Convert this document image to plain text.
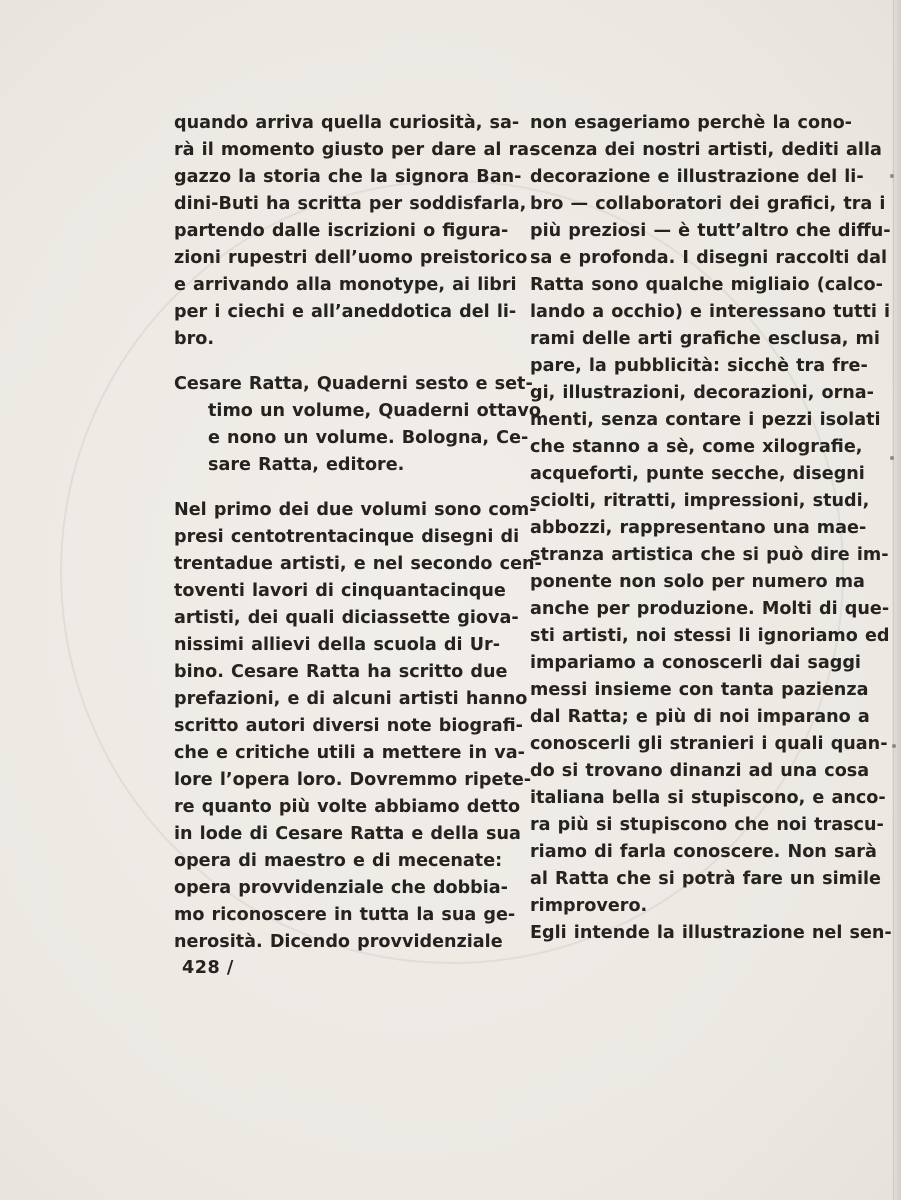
quando arriva quella curiosità, sa-
rà il momento giusto per dare al ra-
gazzo la storia che la signora Ban-
dini-Buti ha scritta per soddisfarla,
partendo dalle iscrizioni o figura-
zioni rupestri dell’uomo preistorico
e arrivando alla monotype, ai libri
per i ciechi e all’aneddotica del li-
bro.
Cesare Ratta, Quaderni sesto e set-
timo un volume, Quaderni ottavo
e nono un volume. Bologna, Ce-
sare Ratta, editore.
Nel primo dei due volumi sono com-
presi centotrentacinque disegni di
trentadue artisti, e nel secondo cen-
toventi lavori di cinquantacinque
artisti, dei quali diciassette giova-
nissimi allievi della scuola di Ur-
bino. Cesare Ratta ha scritto due
prefazioni, e di alcuni artisti hanno
scritto autori diversi note biografi-
che e critiche utili a mettere in va-
lore l’opera loro. Dovremmo ripete-
re quanto più volte abbiamo detto
in lode di Cesare Ratta e della sua
opera di maestro e di mecenate:
opera provvidenziale che dobbia-
mo riconoscere in tutta la sua ge-
nerosità. Dicendo provvidenziale
non esageriamo perchè la cono-
scenza dei nostri artisti, dediti alla
decorazione e illustrazione del li-
bro — collaboratori dei grafici, tra i
più preziosi — è tutt’altro che diffu-
sa e profonda. I disegni raccolti dal
Ratta sono qualche migliaio (calco-
lando a occhio) e interessano tutti i
rami delle arti grafiche esclusa, mi
pare, la pubblicità: sicchè tra fre-
gi, illustrazioni, decorazioni, orna-
menti, senza contare i pezzi isolati
che stanno a sè, come xilografie,
acqueforti, punte secche, disegni
sciolti, ritratti, impressioni, studi,
abbozzi, rappresentano una mae-
stranza artistica che si può dire im-
ponente non solo per numero ma
anche per produzione. Molti di que-
sti artisti, noi stessi li ignoriamo ed
impariamo a conoscerli dai saggi
messi insieme con tanta pazienza
dal Ratta; e più di noi imparano a
conoscerli gli stranieri i quali quan-
do si trovano dinanzi ad una cosa
italiana bella si stupiscono, e anco-
ra più si stupiscono che noi trascu-
riamo di farla conoscere. Non sarà
al Ratta che si potrà fare un simile
rimprovero.
Egli intende la illustrazione nel sen-
428 /
